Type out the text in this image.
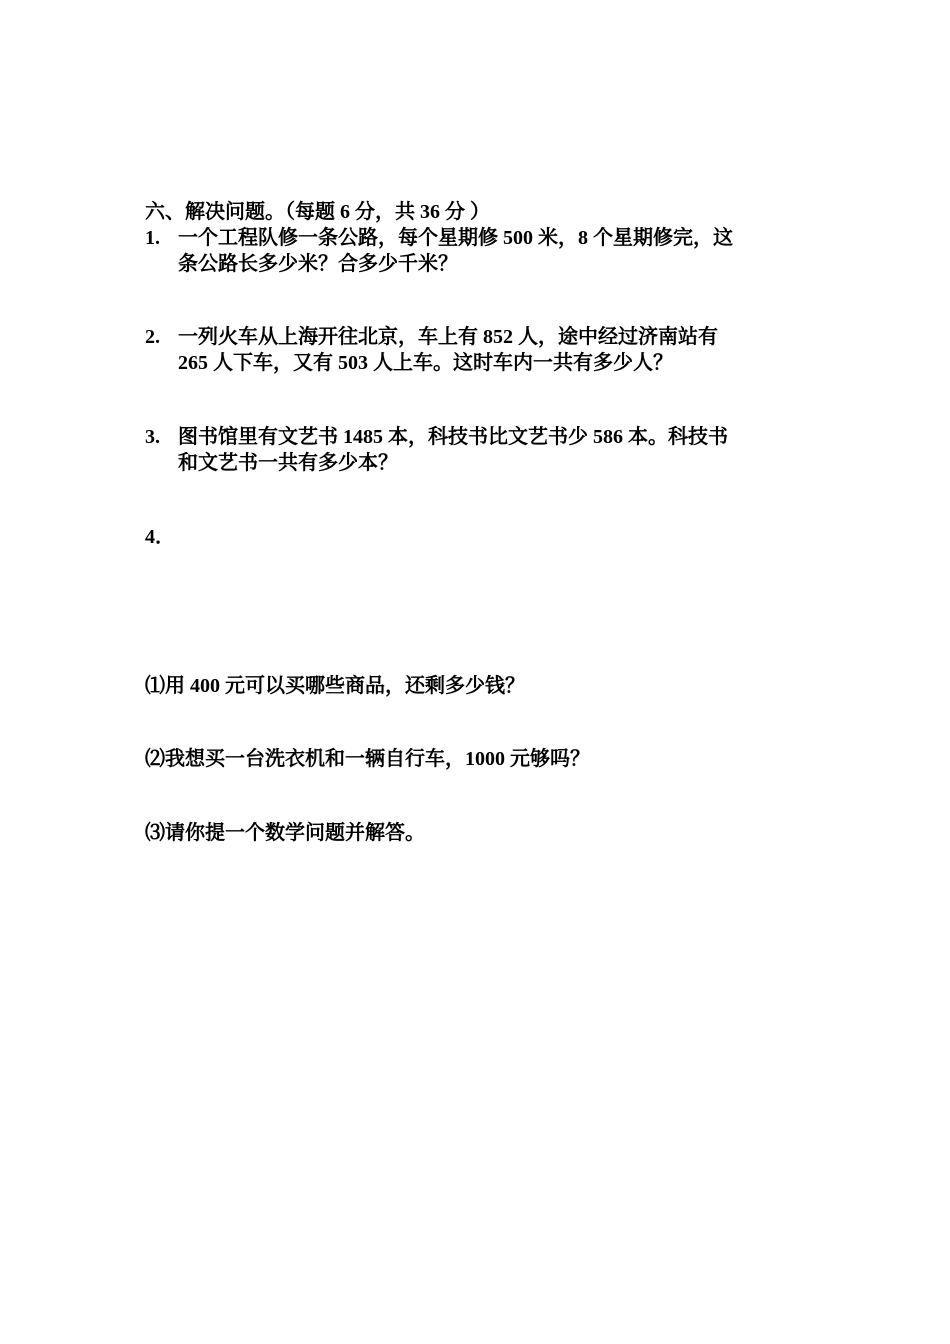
六、解决问题。（每题 6 分，共 36 分 ）
1. 一个工程队修一条公路，每个星期修 500 米，8 个星期修完，这
条公路长多少米？合多少千米？
2. 一列火车从上海开往北京，车上有 852 人，途中经过济南站有
265 人下车，又有 503 人上车。这时车内一共有多少人？
3. 图书馆里有文艺书 1485 本，科技书比文艺书少 586 本。科技书
和文艺书一共有多少本？
4．
⑴用 400 元可以买哪些商品，还剩多少钱？
⑵我想买一台洗衣机和一辆自行车，1000 元够吗？
⑶请你提一个数学问题并解答。
